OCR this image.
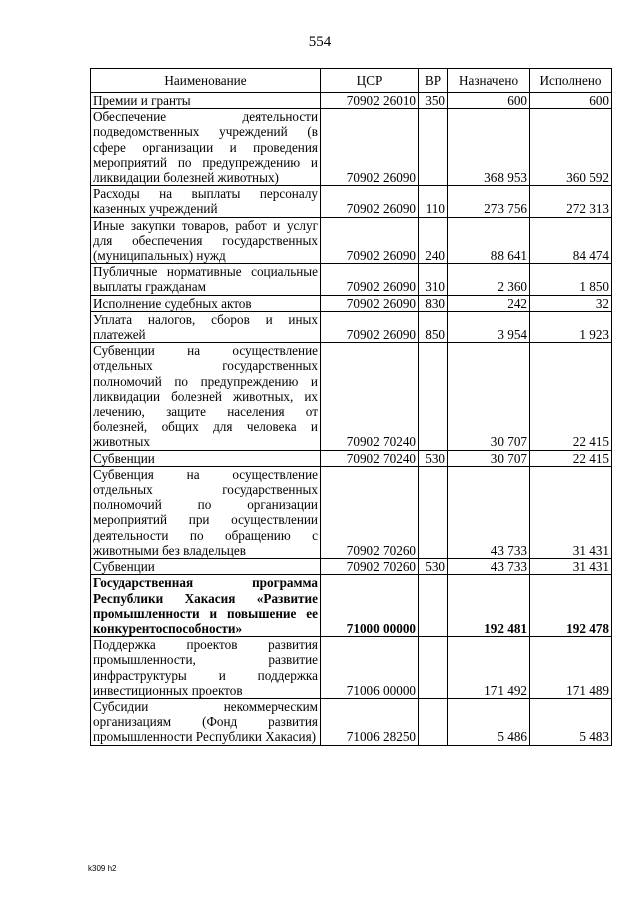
554
Наименование	ЦСР	ВР	Назначено	Исполнено
Премии и гранты	70902 26010	350	600	600
Обеспечение деятельности подведомственных учреждений (в сфере организации и проведения мероприятий по предупреждению и ликвидации болезней животных)	70902 26090		368 953	360 592
Расходы на выплаты персоналу казенных учреждений	70902 26090	110	273 756	272 313
Иные закупки товаров, работ и услуг для обеспечения государственных (муниципальных) нужд	70902 26090	240	88 641	84 474
Публичные нормативные социальные выплаты гражданам	70902 26090	310	2 360	1 850
Исполнение судебных актов	70902 26090	830	242	32
Уплата налогов, сборов и иных платежей	70902 26090	850	3 954	1 923
Субвенции на осуществление отдельных государственных полномочий по предупреждению и ликвидации болезней животных, их лечению, защите населения от болезней, общих для человека и животных	70902 70240		30 707	22 415
Субвенции	70902 70240	530	30 707	22 415
Субвенция на осуществление отдельных государственных полномочий по организации мероприятий при осуществлении деятельности по обращению с животными без владельцев	70902 70260		43 733	31 431
Субвенции	70902 70260	530	43 733	31 431
Государственная программа Республики Хакасия «Развитие промышленности и повышение ее конкурентоспособности»	71000 00000		192 481	192 478
Поддержка проектов развития промышленности, развитие инфраструктуры и поддержка инвестиционных проектов	71006 00000		171 492	171 489
Субсидии некоммерческим организациям (Фонд развития промышленности Республики Хакасия)	71006 28250		5 486	5 483
k309 h2
